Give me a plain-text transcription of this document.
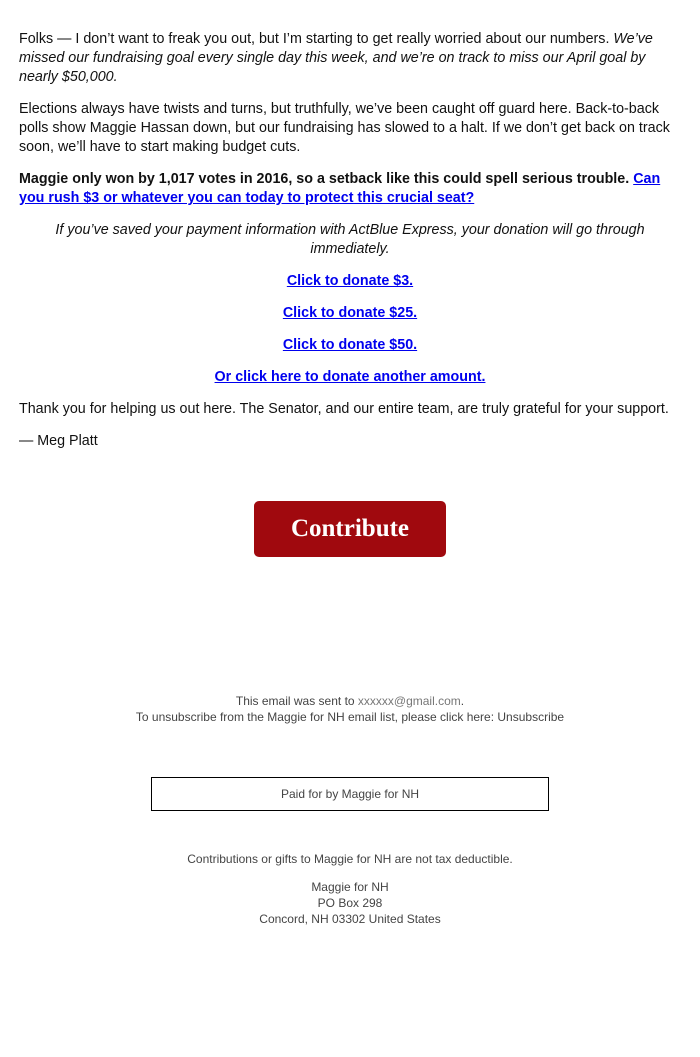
Folks — I don’t want to freak you out, but I’m starting to get really worried about our numbers. We’ve missed our fundraising goal every single day this week, and we’re on track to miss our April goal by nearly $50,000.

Elections always have twists and turns, but truthfully, we’ve been caught off guard here. Back-to-back polls show Maggie Hassan down, but our fundraising has slowed to a halt. If we don’t get back on track soon, we’ll have to start making budget cuts.

Maggie only won by 1,017 votes in 2016, so a setback like this could spell serious trouble. Can you rush $3 or whatever you can today to protect this crucial seat?

If you’ve saved your payment information with ActBlue Express, your donation will go through immediately.

Click to donate $3.

Click to donate $25.

Click to donate $50.

Or click here to donate another amount.

Thank you for helping us out here. The Senator, and our entire team, are truly grateful for your support.

— Meg Platt

Contribute
This email was sent to xxxxxx@gmail.com.
To unsubscribe from the Maggie for NH email list, please click here: Unsubscribe
Paid for by Maggie for NH
Contributions or gifts to Maggie for NH are not tax deductible.
Maggie for NH
PO Box 298
Concord, NH 03302 United States
